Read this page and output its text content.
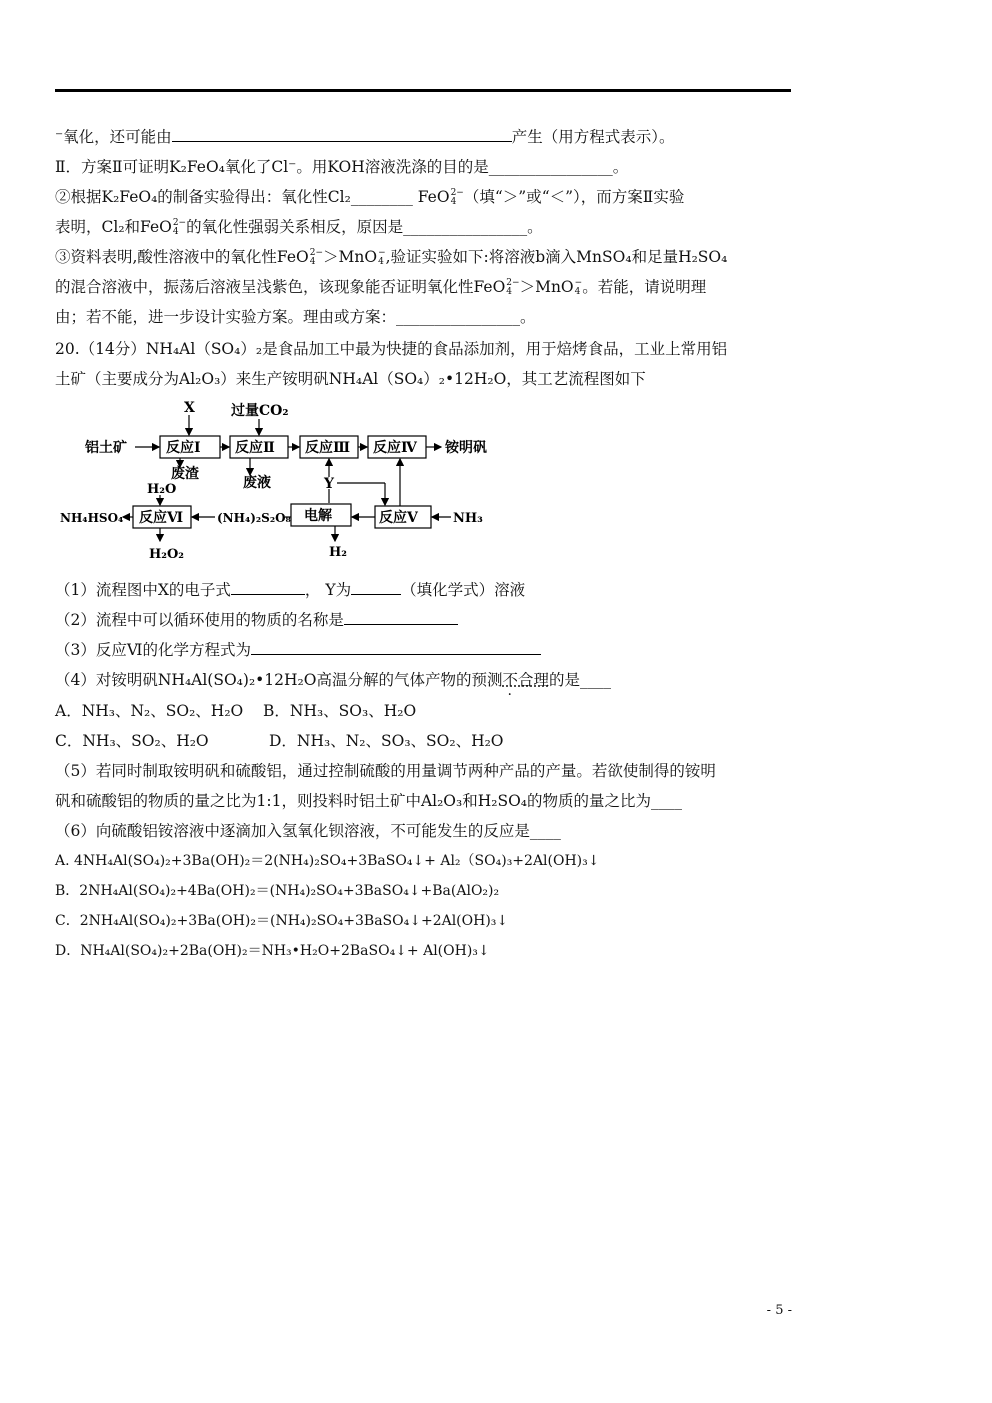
⁻氧化，还可能由	产生（用方程式表示）。
Ⅱ．方案Ⅱ可证明K₂FeO₄氧化了Cl⁻。用KOH溶液洗涤的目的是________________。
②根据K₂FeO₄的制备实验得出：氧化性Cl₂________ FeO 2−
4 （填“＞”或“＜”），而方案Ⅱ实验
表明，Cl₂和FeO 2−
4 的氧化性强弱关系相反，原因是________________。
③资料表明,酸性溶液中的氧化性FeO 2−
4 ＞MnO −
4 ,验证实验如下:将溶液b滴入MnSO₄和足量H₂SO₄
的混合溶液中，振荡后溶液呈浅紫色，该现象能否证明氧化性FeO 2−
4 ＞MnO −
4 。若能，请说明理
由；若不能，进一步设计实验方案。理由或方案：________________。
20.（14分）NH₄Al（SO₄）₂是食品加工中最为快捷的食品添加剂，用于焙烤食品，工业上常用铝
土矿（主要成分为Al₂O₃）来生产铵明矾NH₄Al（SO₄）₂•12H₂O，其工艺流程图如下
铝土矿	反应Ⅰ 反应Ⅱ 反应Ⅲ 反应Ⅳ 铵明矾
X	过量CO₂
废渣
废液	Y
H₂O
反应Ⅵ
NH₄HSO₄
H₂O₂
(NH₄)₂S₂O₈ 电解
H₂
反应Ⅴ	NH₃
（1）流程图中X的电子式	， Y为	（填化学式）溶液
（2）流程中可以循环使用的物质的名称是
（3）反应Ⅵ的化学方程式为
（4）对铵明矾NH₄Al(SO₄)₂•12H₂O高温分解的气体产物的预测不合理的是____
A．NH₃、N₂、SO₂、H₂O B．NH₃、SO₃、H₂O
C．NH₃、SO₂、H₂O	D．NH₃、N₂、SO₃、SO₂、H₂O
（5）若同时制取铵明矾和硫酸铝，通过控制硫酸的用量调节两种产品的产量。若欲使制得的铵明
矾和硫酸铝的物质的量之比为1:1，则投料时铝土矿中Al₂O₃和H₂SO₄的物质的量之比为____
（6）向硫酸铝铵溶液中逐滴加入氢氧化钡溶液，不可能发生的反应是____
A. 4NH₄Al(SO₄)₂+3Ba(OH)₂＝2(NH₄)₂SO₄+3BaSO₄↓+ Al₂（SO₄)₃+2Al(OH)₃↓
B．2NH₄Al(SO₄)₂+4Ba(OH)₂＝(NH₄)₂SO₄+3BaSO₄↓+Ba(AlO₂)₂
C．2NH₄Al(SO₄)₂+3Ba(OH)₂＝(NH₄)₂SO₄+3BaSO₄↓+2Al(OH)₃↓
D．NH₄Al(SO₄)₂+2Ba(OH)₂＝NH₃•H₂O+2BaSO₄↓+ Al(OH)₃↓
- 5 -
